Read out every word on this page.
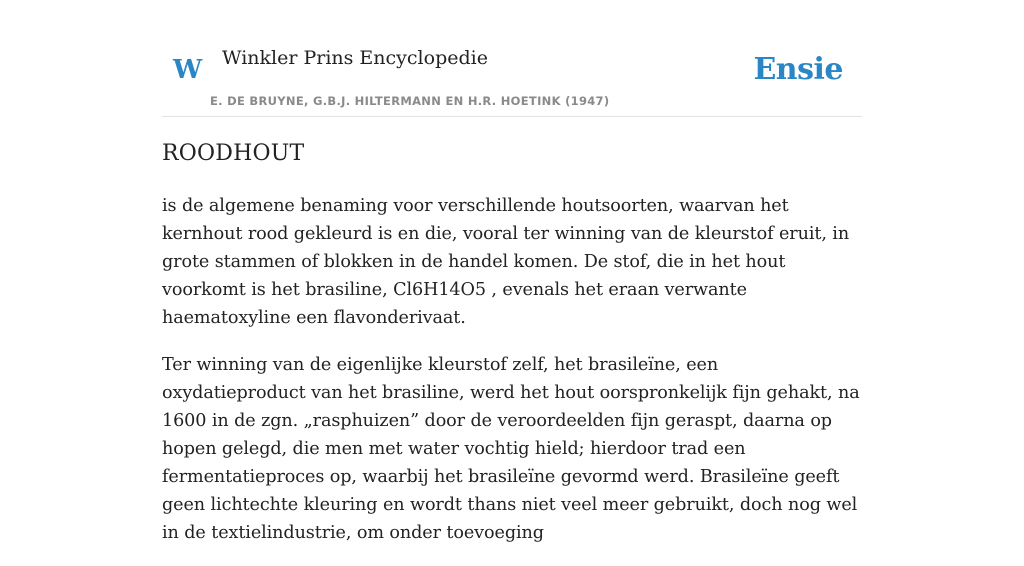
W Winkler Prins Encyclopedie
E. DE BRUYNE, G.B.J. HILTERMANN EN H.R. HOETINK (1947)
Ensie
ROODHOUT

is de algemene benaming voor verschillende houtsoorten, waarvan het kernhout rood gekleurd is en die, vooral ter winning van de kleurstof eruit, in grote stammen of blokken in de handel komen. De stof, die in het hout voorkomt is het brasiline, Cl6H14O5 , evenals het eraan verwante haematoxyline een flavonderivaat.

Ter winning van de eigenlijke kleurstof zelf, het brasileïne, een oxydatieproduct van het brasiline, werd het hout oorspronkelijk fijn gehakt, na 1600 in de zgn. „rasphuizen” door de veroordeelden fijn geraspt, daarna op hopen gelegd, die men met water vochtig hield; hierdoor trad een fermentatieproces op, waarbij het brasileïne gevormd werd. Brasileïne geeft geen lichtechte kleuring en wordt thans niet veel meer gebruikt, doch nog wel in de textielindustrie, om onder toevoeging
